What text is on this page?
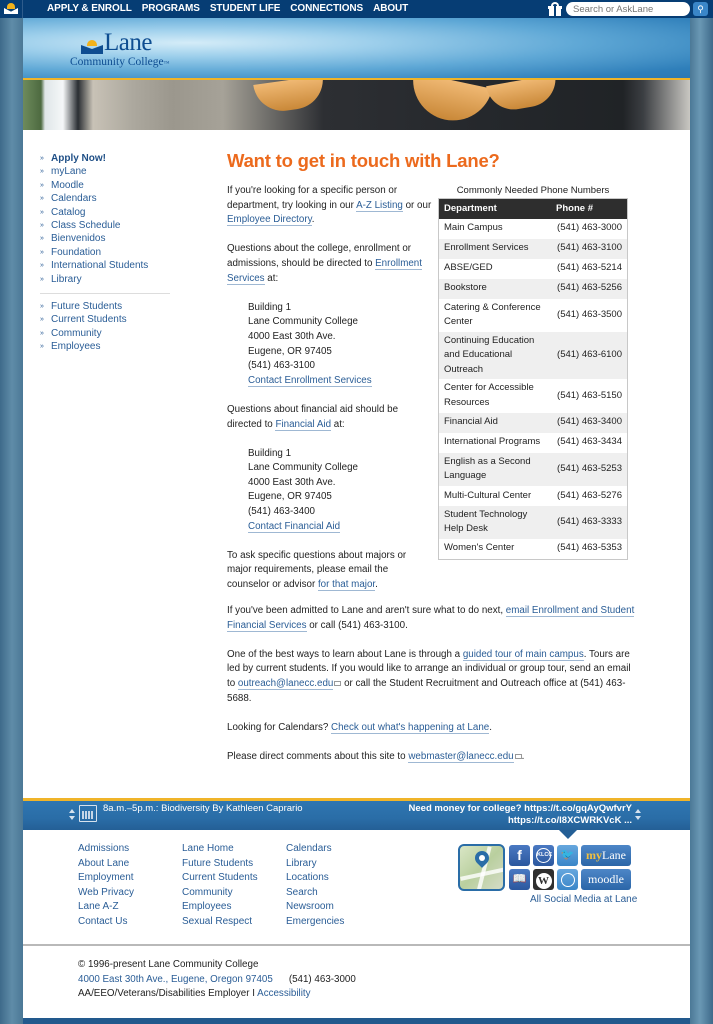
APPLY & ENROLL PROGRAMS STUDENT LIFE CONNECTIONS ABOUT
Search or AskLane	⚲
Lane
Community College™
» Apply Now!
» myLane
» Moodle
» Calendars
» Catalog
» Class Schedule
» Bienvenidos
» Foundation
» International Students
» Library
» Future Students
» Current Students
» Community
» Employees
Want to get in touch with Lane?

If you're looking for a specific person or department, try looking in our A-Z Listing or our Employee Directory.

Questions about the college, enrollment or admissions, should be directed to Enrollment Services at:

Building 1
Lane Community College
4000 East 30th Ave.
Eugene, OR 97405
(541) 463-3100
Contact Enrollment Services

Questions about financial aid should be directed to Financial Aid at:

Building 1
Lane Community College
4000 East 30th Ave.
Eugene, OR 97405
(541) 463-3400
Contact Financial Aid

To ask specific questions about majors or major requirements, please email the counselor or advisor for that major.

Commonly Needed Phone Numbers
Department	Phone #
Main Campus	(541) 463-3000
Enrollment Services	(541) 463-3100
ABSE/GED	(541) 463-5214
Bookstore	(541) 463-5256
Catering & Conference Center	(541) 463-3500
Continuing Education and Educational Outreach	(541) 463-6100
Center for Accessible Resources	(541) 463-5150
Financial Aid	(541) 463-3400
International Programs	(541) 463-3434
English as a Second Language	(541) 463-5253
Multi-Cultural Center	(541) 463-5276
Student Technology Help Desk	(541) 463-3333
Women's Center	(541) 463-5353

If you've been admitted to Lane and aren't sure what to do next, email Enrollment and Student Financial Services or call (541) 463-3100.

One of the best ways to learn about Lane is through a guided tour of main campus. Tours are led by current students. If you would like to arrange an individual or group tour, send an email to outreach@lanecc.edu or call the Student Recruitment and Outreach office at (541) 463-5688.

Looking for Calendars? Check out what's happening at Lane.

Please direct comments about this site to webmaster@lanecc.edu .

8a.m.–5p.m.: Biodiversity By Kathleen Caprario	Need money for college? https://t.co/gqAyQwfvrY
https://t.co/l8XCWRKVcK ...
Admissions
About Lane
Employment
Web Privacy
Lane A-Z
Contact Us
Lane Home
Future Students
Current Students
Community
Employees
Sexual Respect
Calendars
Library
Locations
Search
Newsroom
Emergencies
f	KLCC 🐦
📖	W
myLane
moodle
All Social Media at Lane
© 1996-present Lane Community College
4000 East 30th Ave., Eugene, Oregon 97405 (541) 463-3000
AA/EEO/Veterans/Disabilities Employer I Accessibility
